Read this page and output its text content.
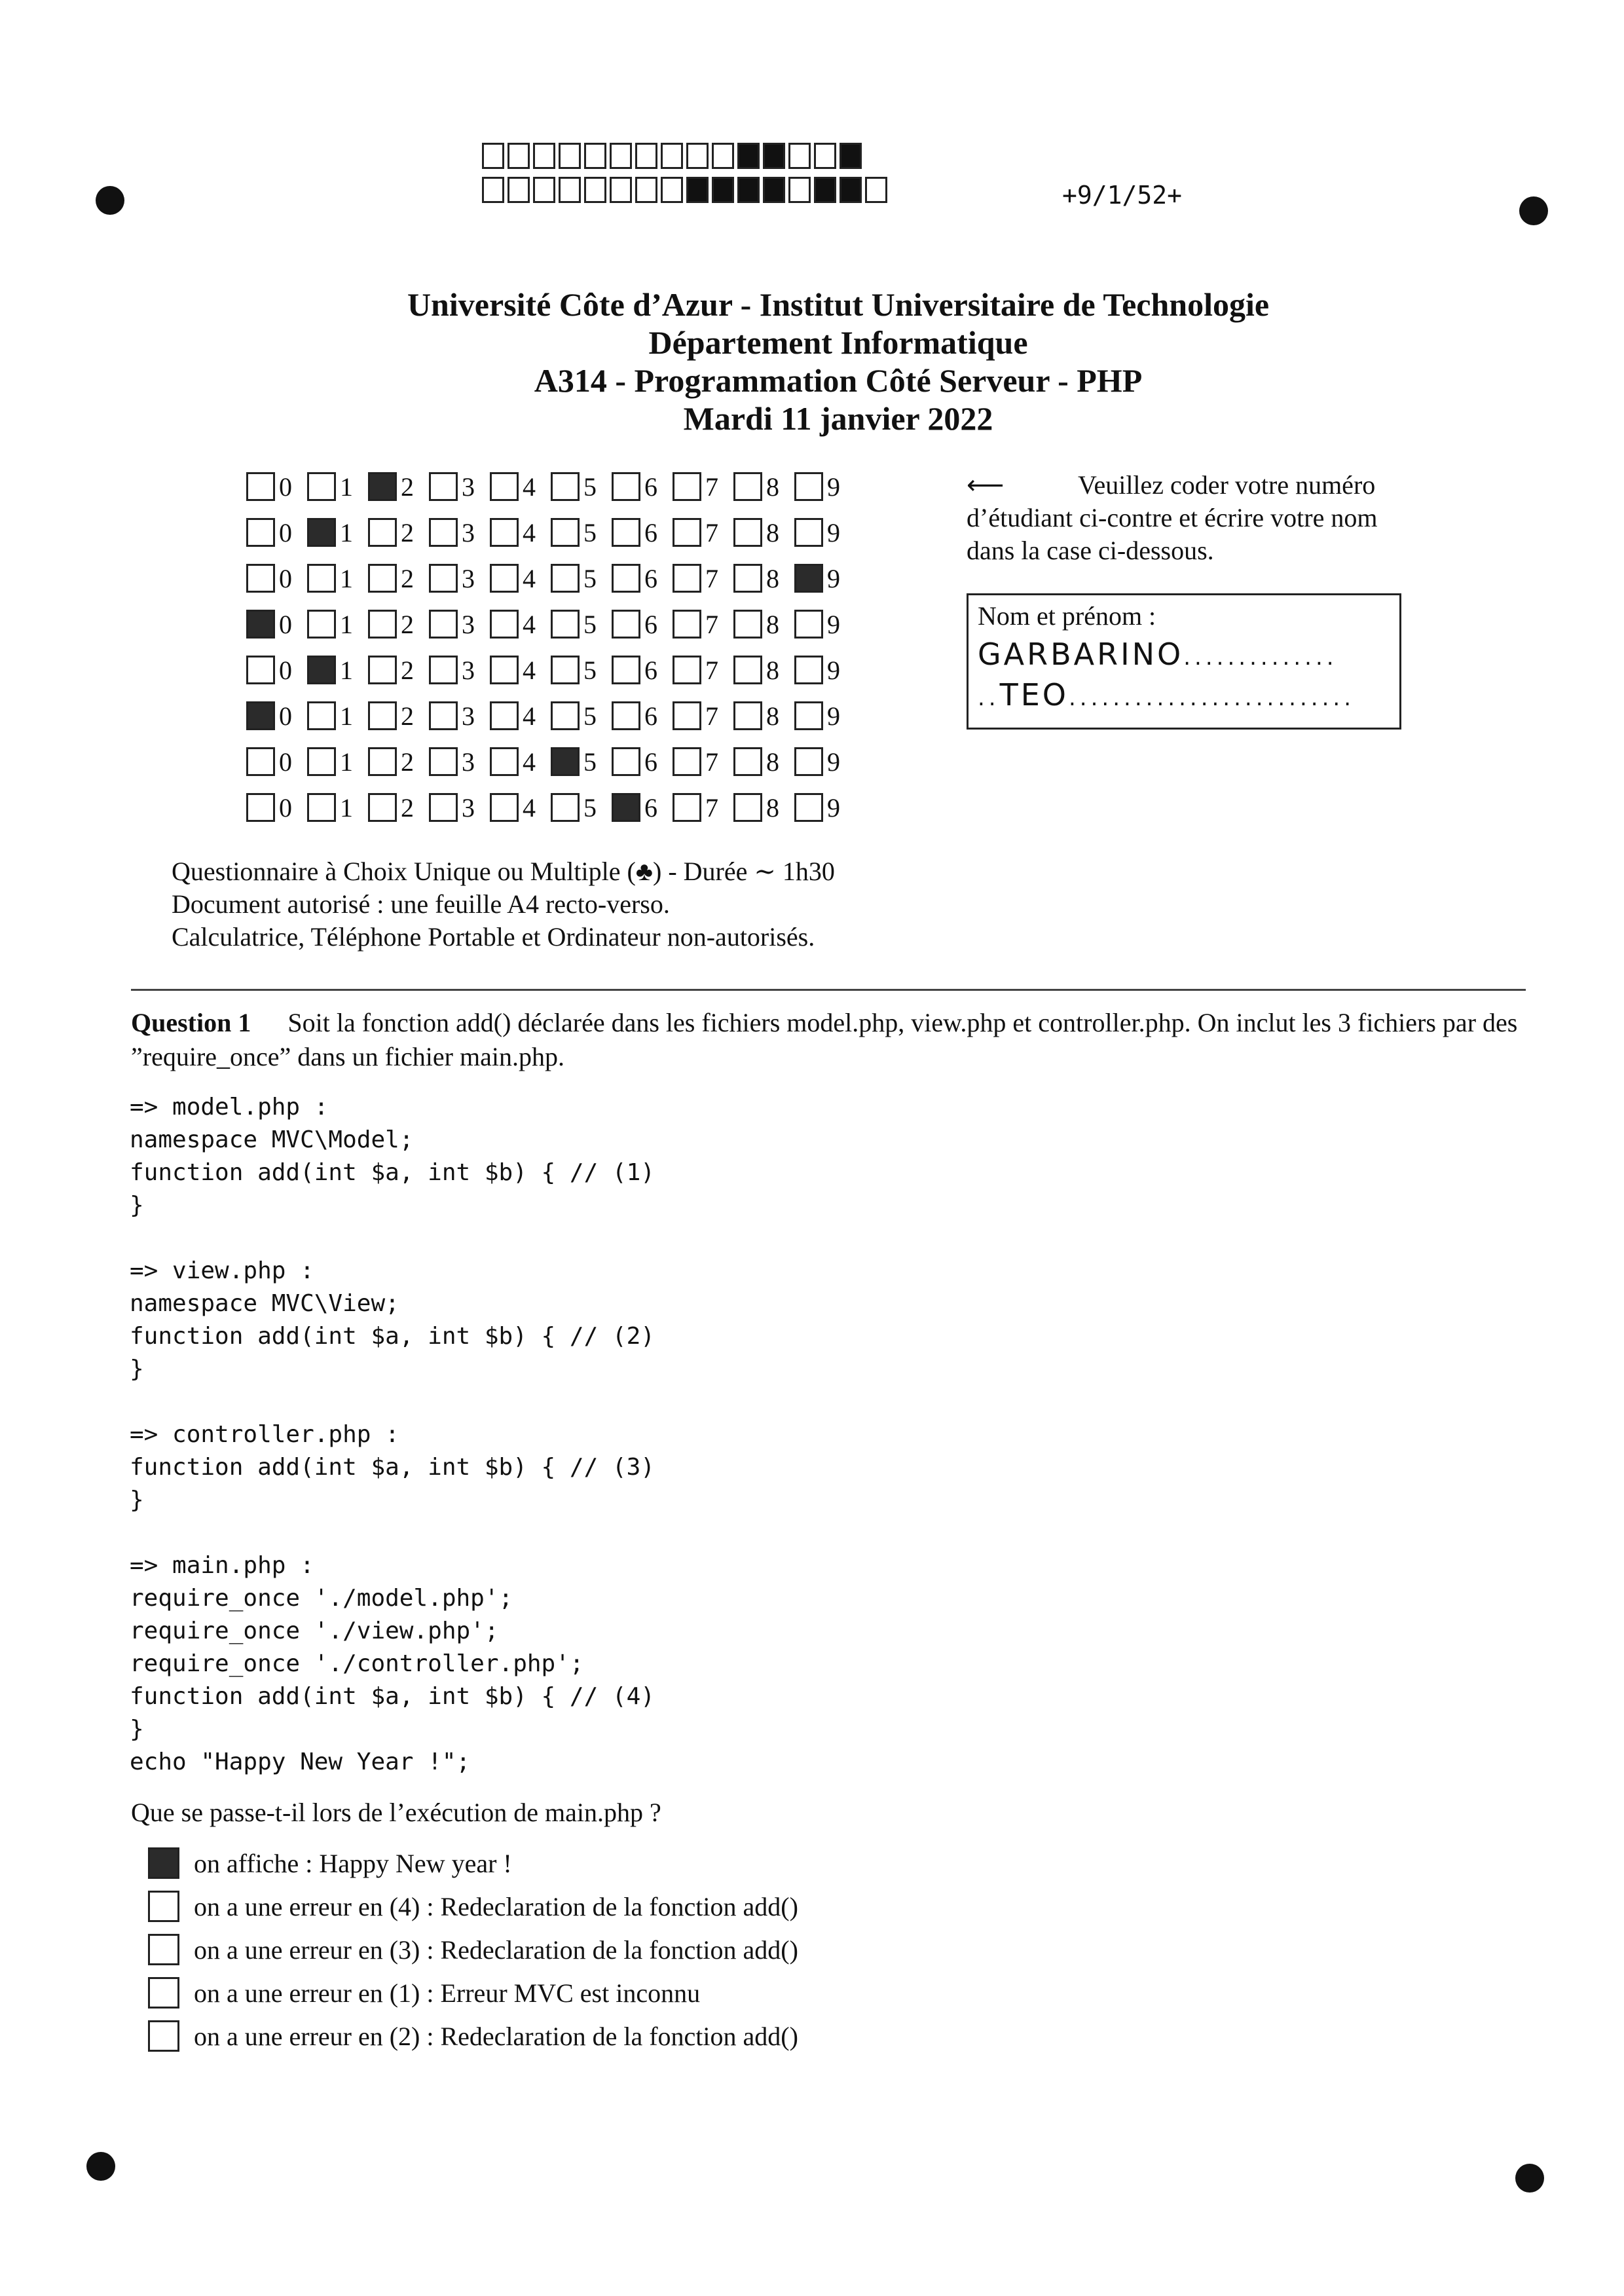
+9/1/52+
Université Côte d’Azur - Institut Universitaire de Technologie
Département Informatique
A314 - Programmation Côté Serveur - PHP
Mardi 11 janvier 2022
0 1 2 3 4 5 6 7 8 9
0 1 2 3 4 5 6 7 8 9
0 1 2 3 4 5 6 7 8 9
0 1 2 3 4 5 6 7 8 9
0 1 2 3 4 5 6 7 8 9
0 1 2 3 4 5 6 7 8 9
0 1 2 3 4 5 6 7 8 9
0 1 2 3 4 5 6 7 8 9
⟵	Veuillez coder votre numéro
d’étudiant ci-contre et écrire votre nom
dans la case ci-dessous.
Nom et prénom :
GARBARINO..............
..TEO..........................
Questionnaire à Choix Unique ou Multiple (♣) - Durée ∼ 1h30
Document autorisé : une feuille A4 recto-verso.
Calculatrice, Téléphone Portable et Ordinateur non-autorisés.
Question 1 Soit la fonction add() déclarée dans les fichiers model.php, view.php et controller.php. On inclut les 3 fichiers par des ”require_once” dans un fichier main.php.
=> model.php :
namespace MVC\Model;
function add(int $a, int $b) { // (1)
}

=> view.php :
namespace MVC\View;
function add(int $a, int $b) { // (2)
}

=> controller.php :
function add(int $a, int $b) { // (3)
}

=> main.php :
require_once './model.php';
require_once './view.php';
require_once './controller.php';
function add(int $a, int $b) { // (4)
}
echo "Happy New Year !";
Que se passe-t-il lors de l’exécution de main.php ?
on affiche : Happy New year !
on a une erreur en (4) : Redeclaration de la fonction add()
on a une erreur en (3) : Redeclaration de la fonction add()
on a une erreur en (1) : Erreur MVC est inconnu
on a une erreur en (2) : Redeclaration de la fonction add()
